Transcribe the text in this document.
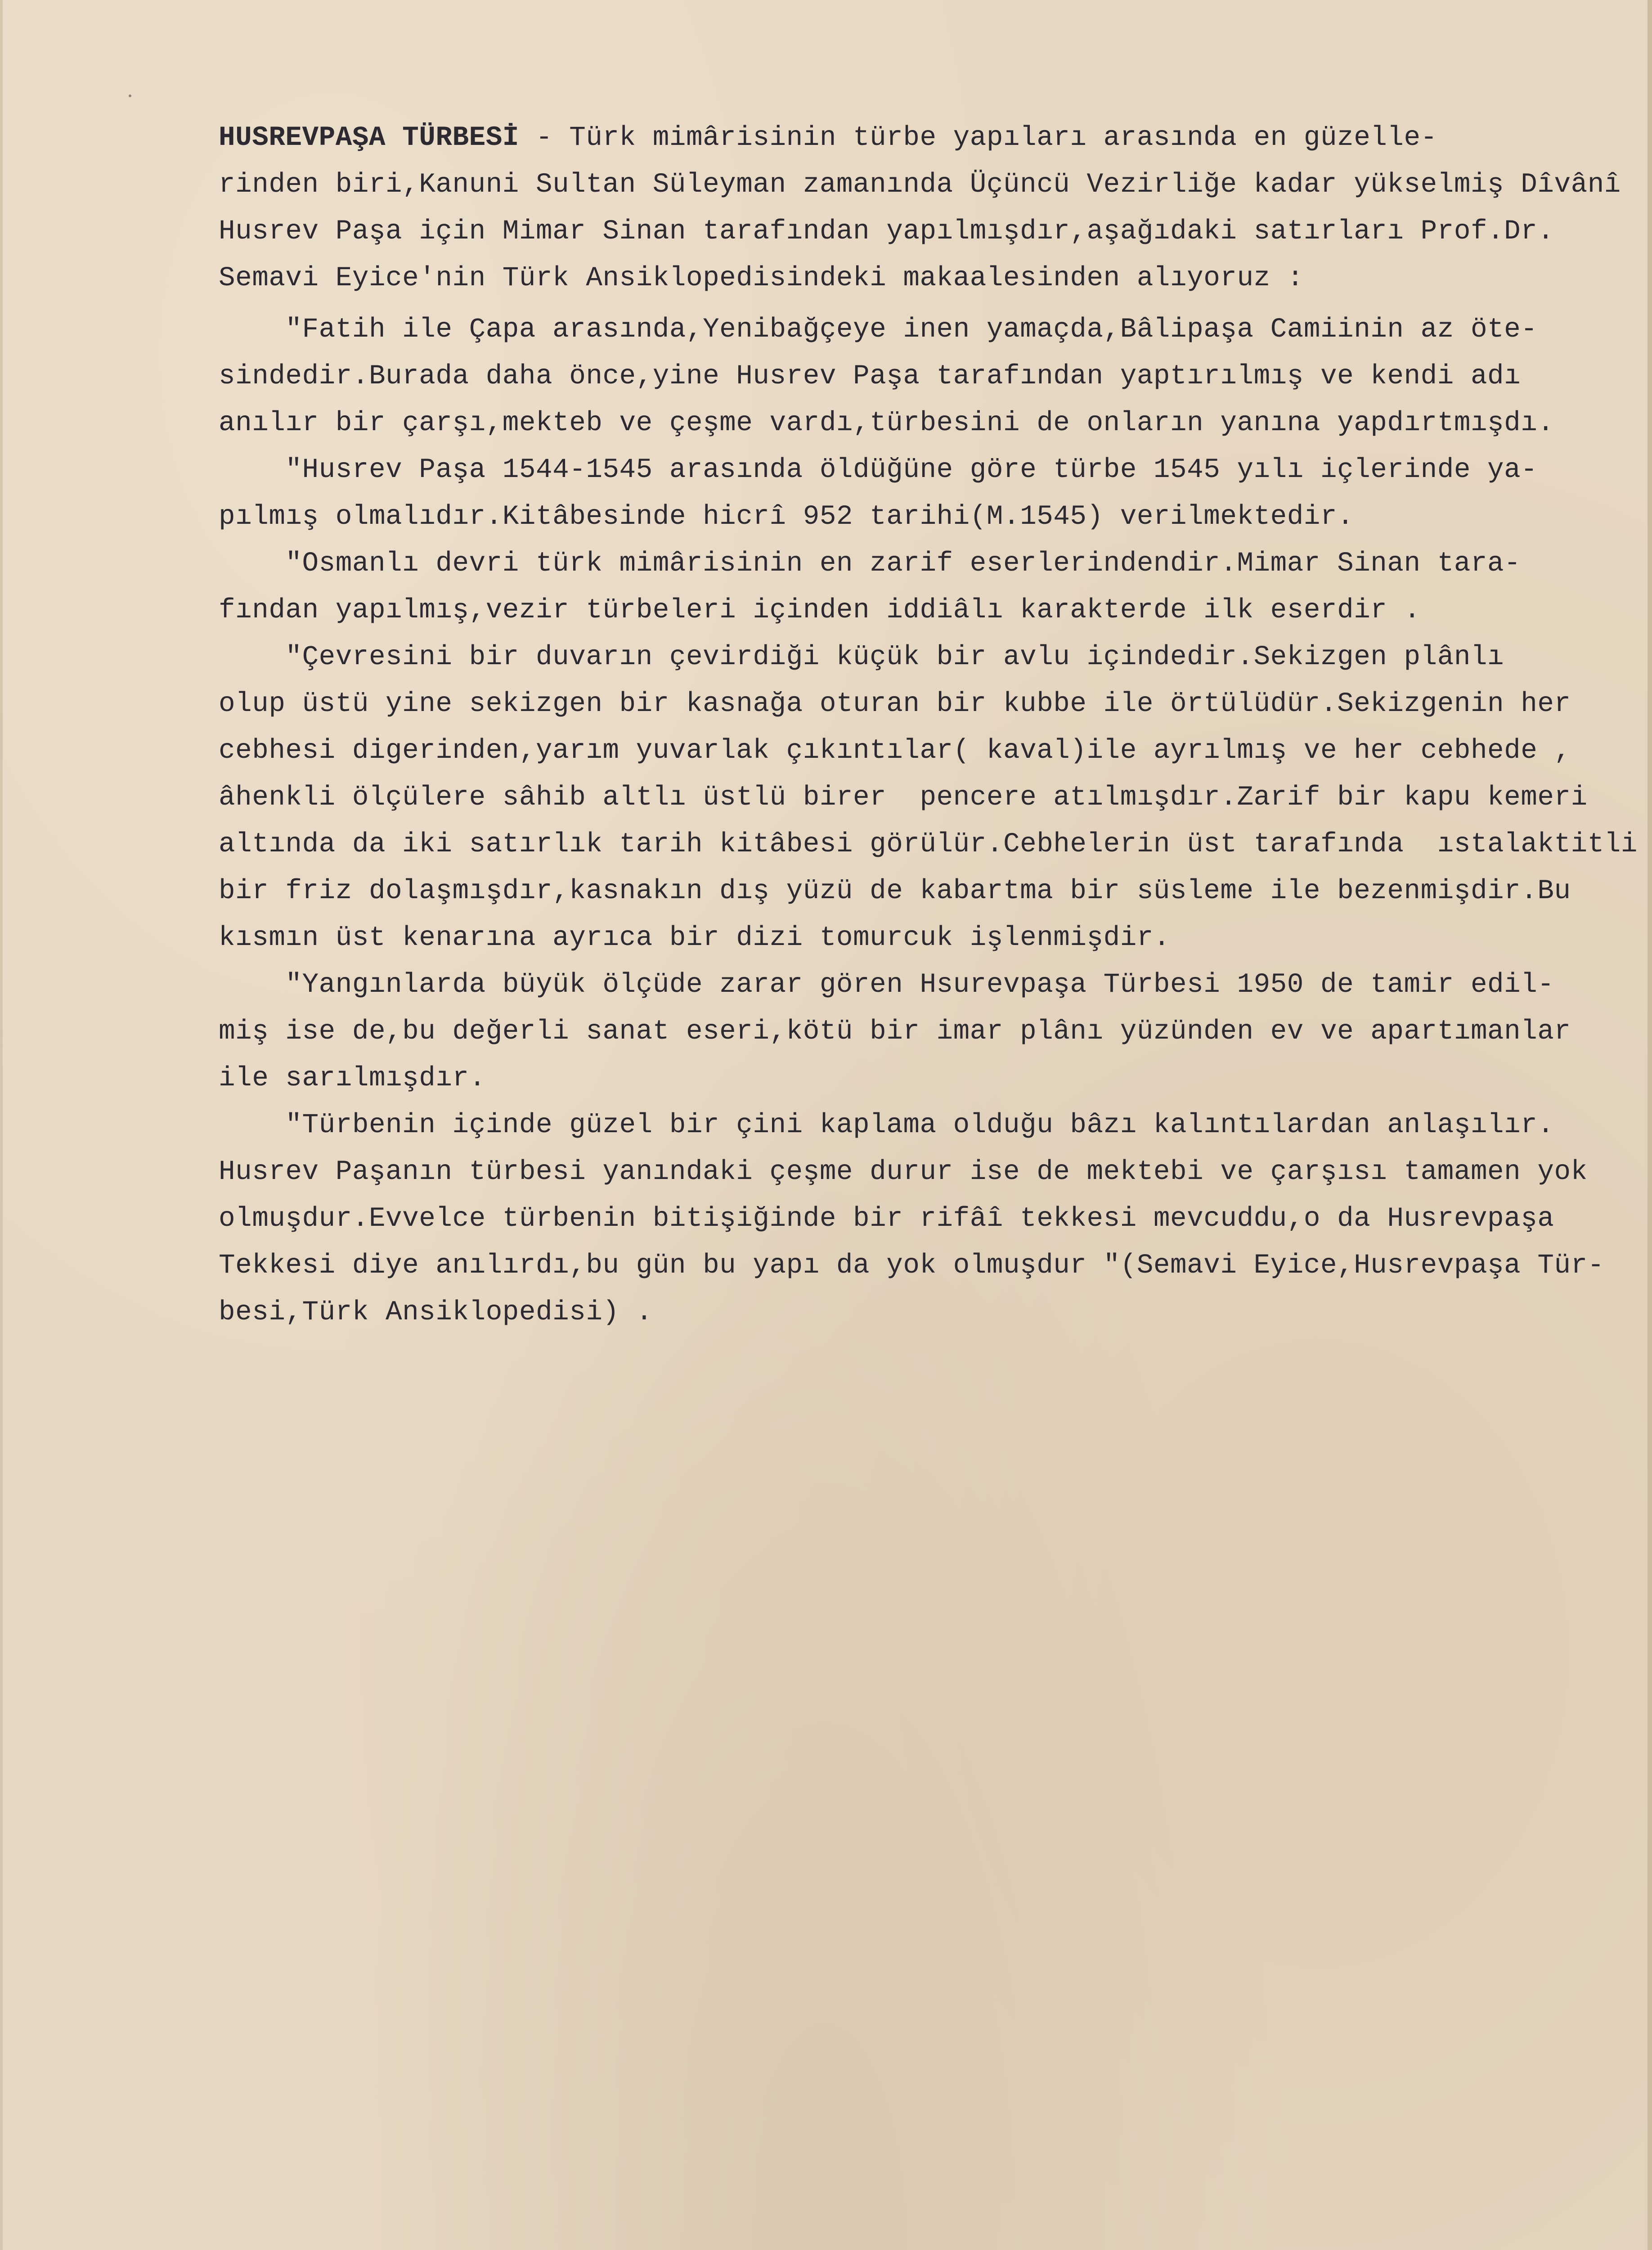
HUSREVPAŞA TÜRBESİ - Türk mimârisinin türbe yapıları arasında en güzelle-
rinden biri,Kanuni Sultan Süleyman zamanında Üçüncü Vezirliğe kadar yükselmiş Dîvânî
Husrev Paşa için Mimar Sinan tarafından yapılmışdır,aşağıdaki satırları Prof.Dr.
Semavi Eyice'nin Türk Ansiklopedisindeki makaalesinden alıyoruz :
"Fatih ile Çapa arasında,Yenibağçeye inen yamaçda,Bâlipaşa Camiinin az öte-
sindedir.Burada daha önce,yine Husrev Paşa tarafından yaptırılmış ve kendi adı
anılır bir çarşı,mekteb ve çeşme vardı,türbesini de onların yanına yapdırtmışdı.
"Husrev Paşa 1544-1545 arasında öldüğüne göre türbe 1545 yılı içlerinde ya-
pılmış olmalıdır.Kitâbesinde hicrî 952 tarihi(M.1545) verilmektedir.
"Osmanlı devri türk mimârisinin en zarif eserlerindendir.Mimar Sinan tara-
fından yapılmış,vezir türbeleri içinden iddiâlı karakterde ilk eserdir .
"Çevresini bir duvarın çevirdiği küçük bir avlu içindedir.Sekizgen plânlı
olup üstü yine sekizgen bir kasnağa oturan bir kubbe ile örtülüdür.Sekizgenin her
cebhesi digerinden,yarım yuvarlak çıkıntılar( kaval)ile ayrılmış ve her cebhede ,
âhenkli ölçülere sâhib altlı üstlü birer  pencere atılmışdır.Zarif bir kapu kemeri
altında da iki satırlık tarih kitâbesi görülür.Cebhelerin üst tarafında  ıstalaktitli
bir friz dolaşmışdır,kasnakın dış yüzü de kabartma bir süsleme ile bezenmişdir.Bu
kısmın üst kenarına ayrıca bir dizi tomurcuk işlenmişdir.
"Yangınlarda büyük ölçüde zarar gören Hsurevpaşa Türbesi 1950 de tamir edil-
miş ise de,bu değerli sanat eseri,kötü bir imar plânı yüzünden ev ve apartımanlar
ile sarılmışdır.
"Türbenin içinde güzel bir çini kaplama olduğu bâzı kalıntılardan anlaşılır.
Husrev Paşanın türbesi yanındaki çeşme durur ise de mektebi ve çarşısı tamamen yok
olmuşdur.Evvelce türbenin bitişiğinde bir rifâî tekkesi mevcuddu,o da Husrevpaşa
Tekkesi diye anılırdı,bu gün bu yapı da yok olmuşdur "(Semavi Eyice,Husrevpaşa Tür-
besi,Türk Ansiklopedisi) .
